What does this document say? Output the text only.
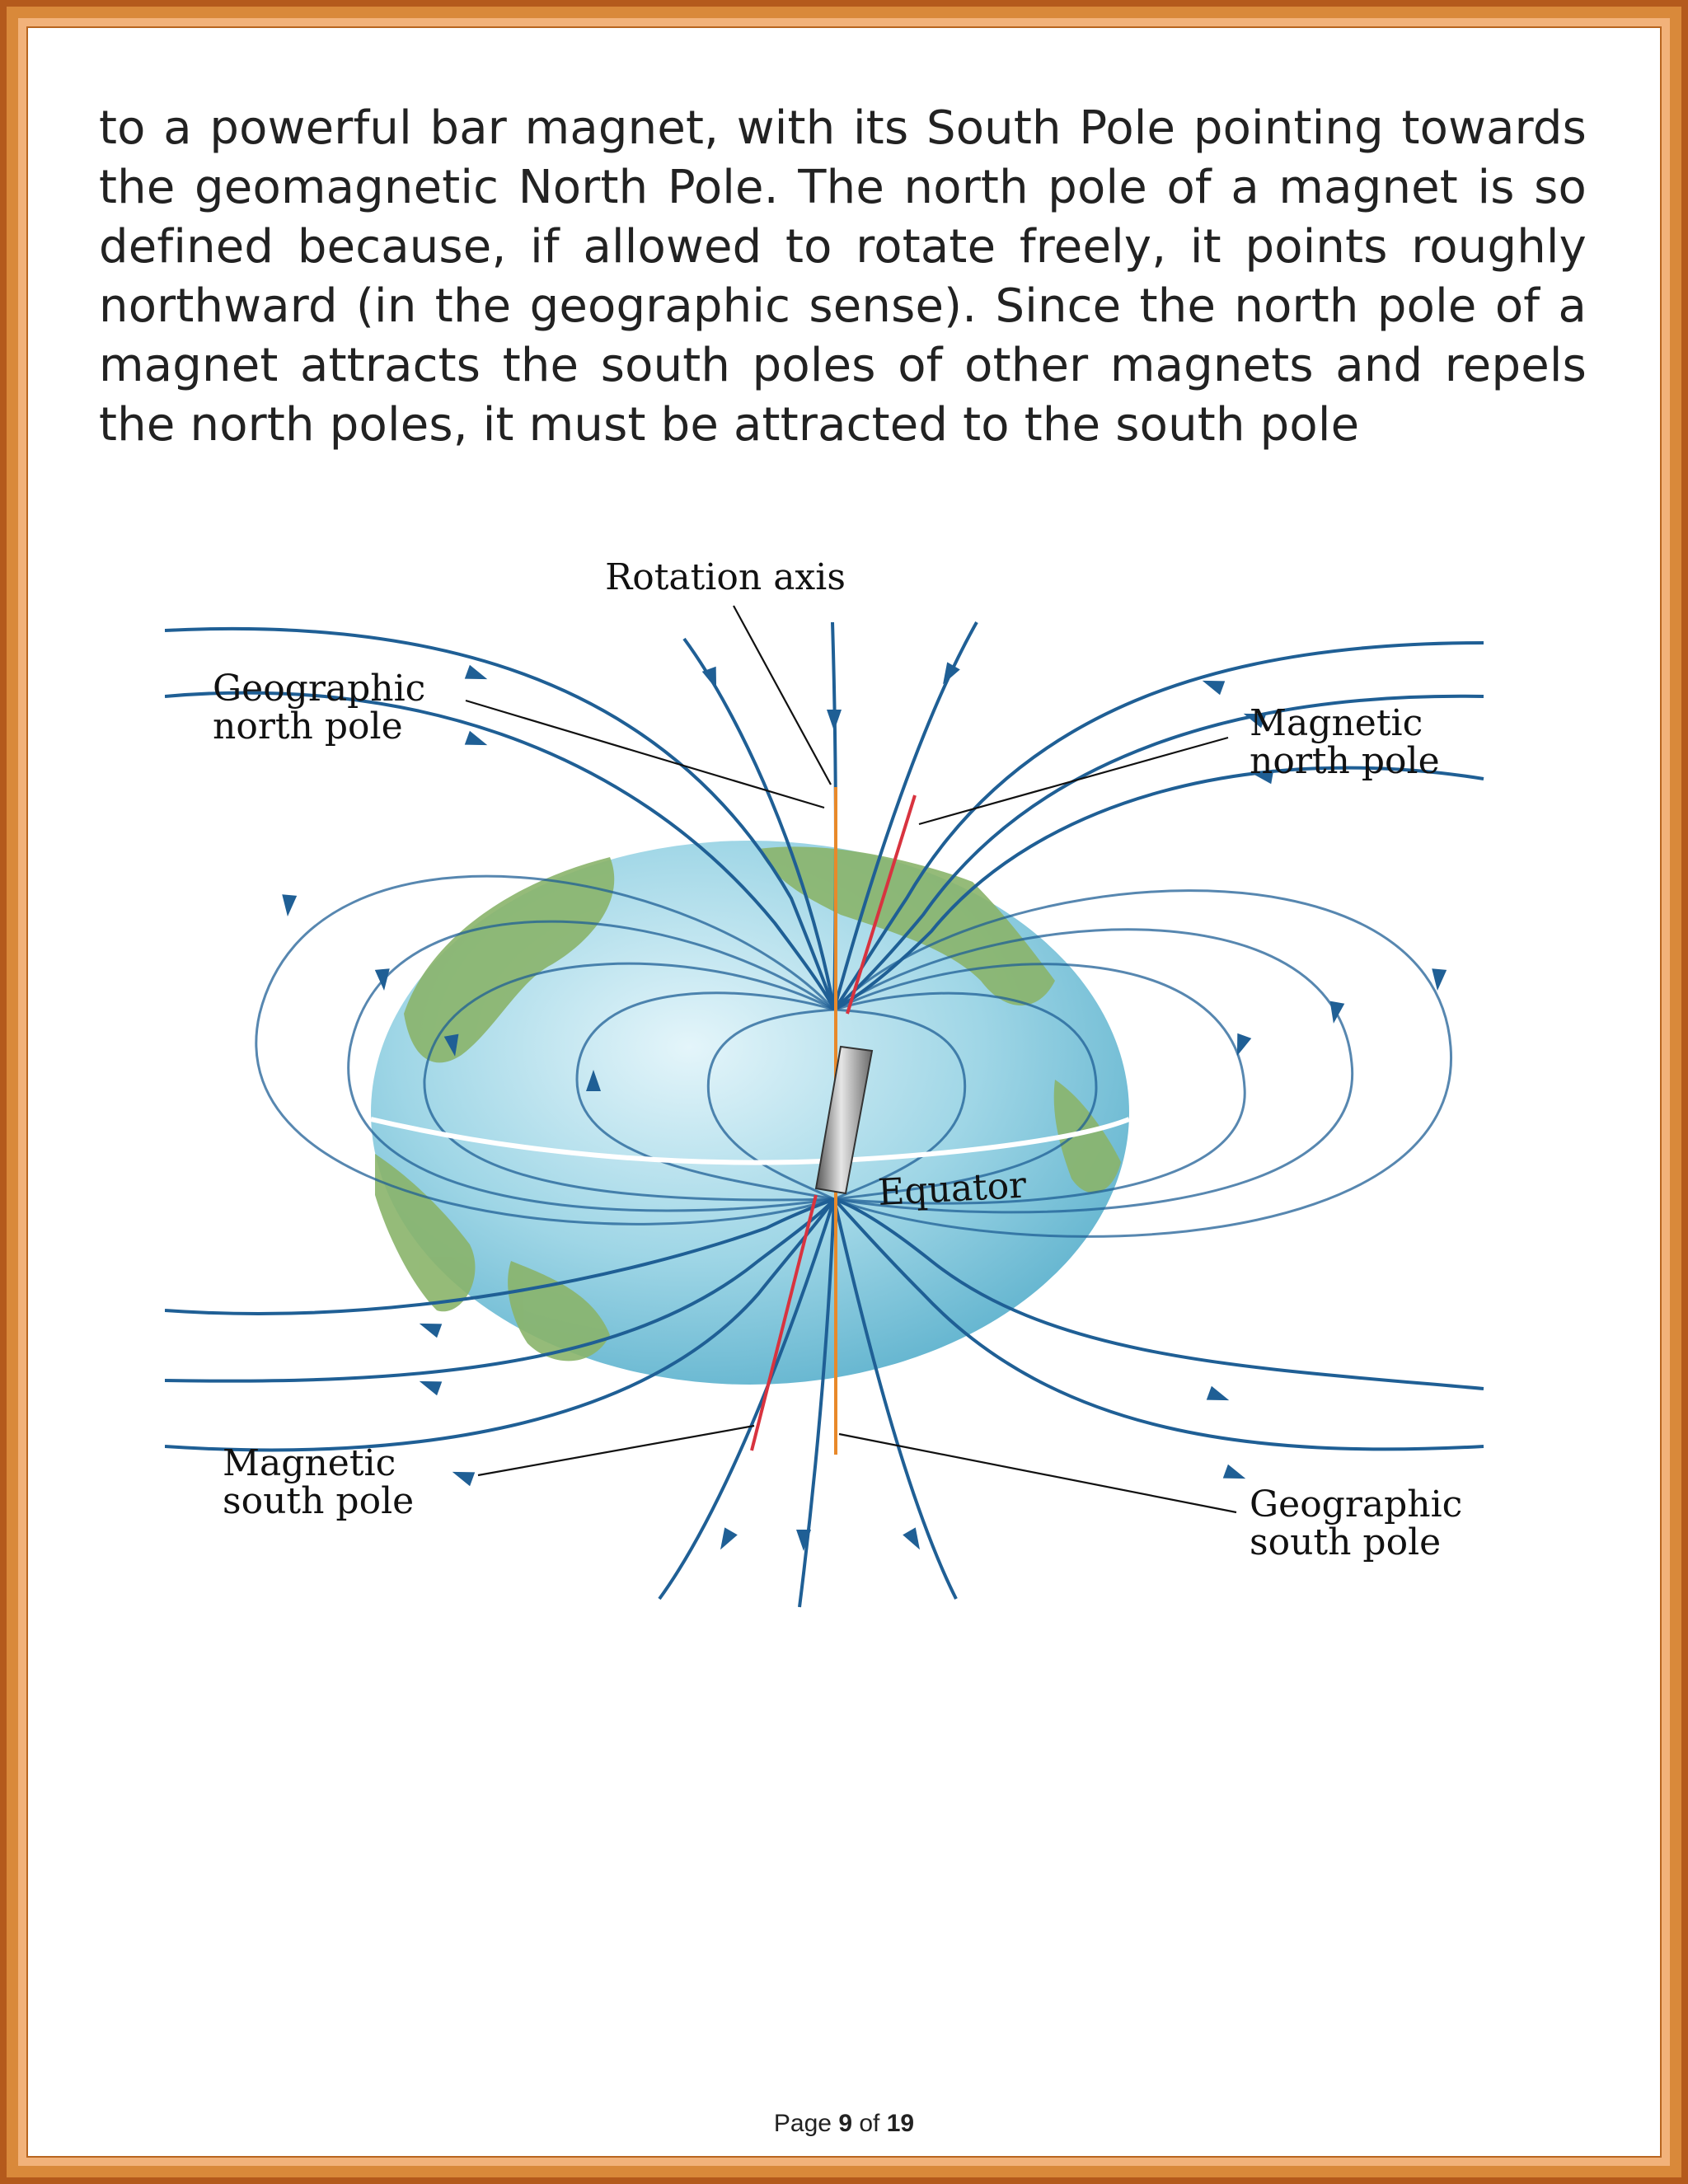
to a powerful bar magnet, with its South Pole pointing towards the geomagnetic North Pole. The north pole of a magnet is so defined because, if allowed to rotate freely, it points roughly northward (in the geographic sense). Since the north pole of a magnet attracts the south poles of other magnets and repels the north poles, it must be attracted to the south pole

Rotation axis
Geographic north pole	Magnetic north pole
Equator
Magnetic south pole	Geographic south pole
Page 9 of 19
